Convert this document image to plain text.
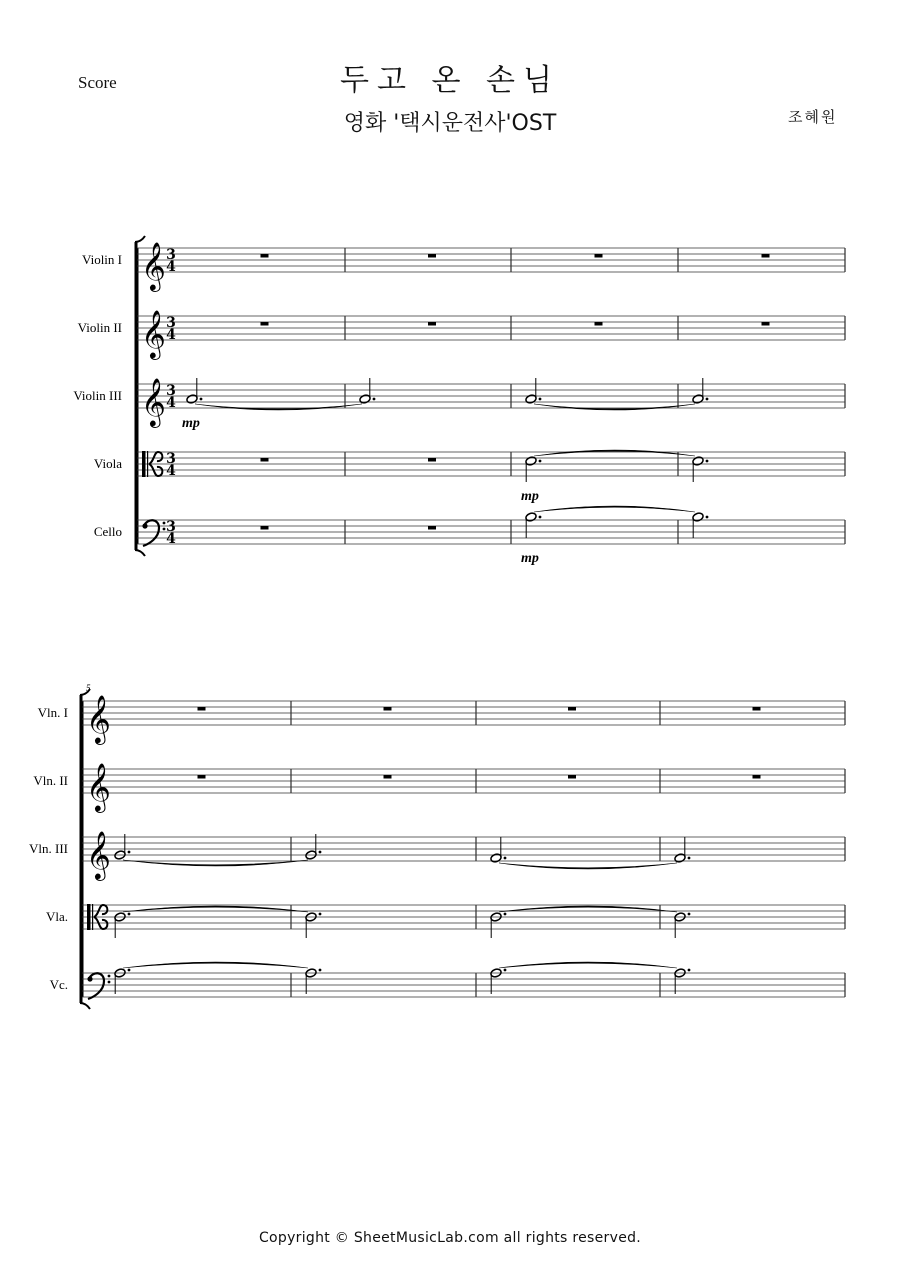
Score	두고 온 손님
영화 '택시운전사'OST	조혜원
Violin I 𝄞 3
4
Violin II 𝄞 3
4
Violin III 𝄞 3
4
mp
Viola	3
4
mp
Cello	3
4
mp
5
Vln. I 𝄞
Vln. II 𝄞
Vln. III 𝄞
Vla.
Vc.
Copyright © SheetMusicLab.com all rights reserved.
